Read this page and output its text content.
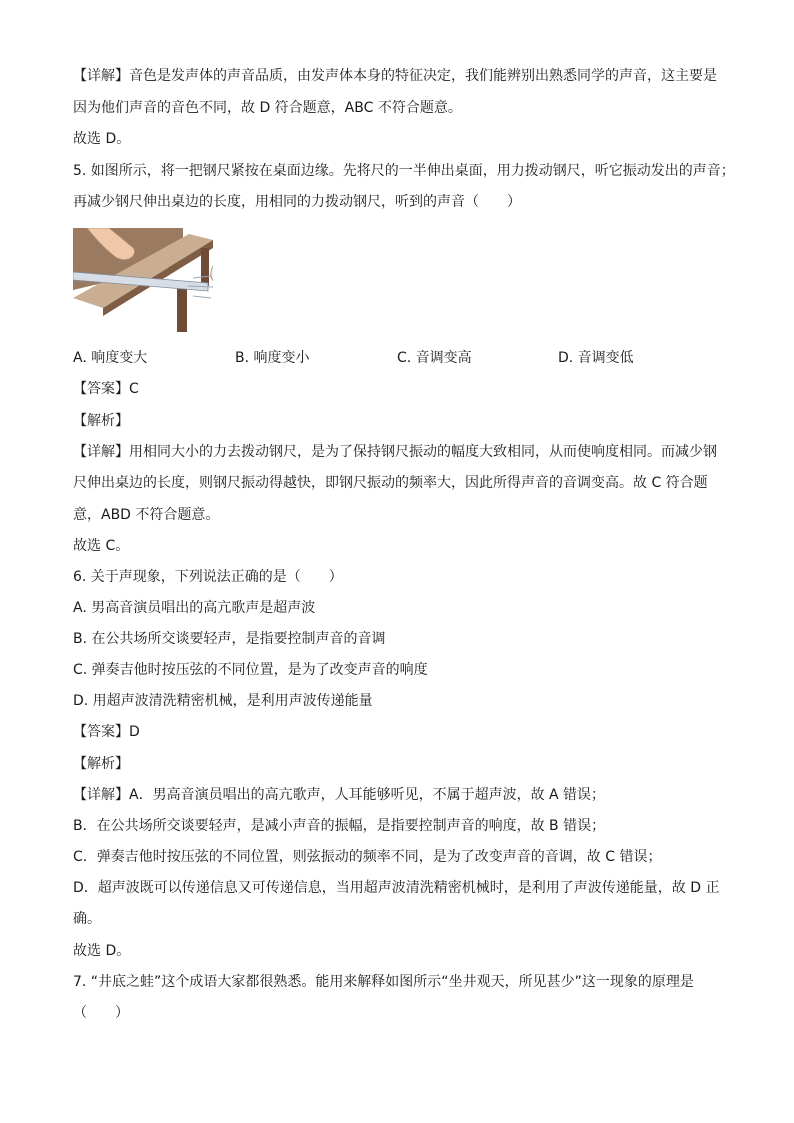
【详解】音色是发声体的声音品质，由发声体本身的特征决定，我们能辨别出熟悉同学的声音，这主要是
因为他们声音的音色不同，故 D 符合题意，ABC 不符合题意。
故选 D。
5. 如图所示，将一把钢尺紧按在桌面边缘。先将尺的一半伸出桌面，用力拨动钢尺，听它振动发出的声音；
再减少钢尺伸出桌边的长度，用相同的力拨动钢尺，听到的声音（　　）
A. 响度变大	B. 响度变小	C. 音调变高	D. 音调变低
【答案】C
【解析】
【详解】用相同大小的力去拨动钢尺，是为了保持钢尺振动的幅度大致相同，从而使响度相同。而减少钢
尺伸出桌边的长度，则钢尺振动得越快，即钢尺振动的频率大，因此所得声音的音调变高。故 C 符合题
意，ABD 不符合题意。
故选 C。
6. 关于声现象，下列说法正确的是（　　）
A. 男高音演员唱出的高亢歌声是超声波
B. 在公共场所交谈要轻声，是指要控制声音的音调
C. 弹奏吉他时按压弦的不同位置，是为了改变声音的响度
D. 用超声波清洗精密机械，是利用声波传递能量
【答案】D
【解析】
【详解】A．男高音演员唱出的高亢歌声，人耳能够听见，不属于超声波，故 A 错误；
B．在公共场所交谈要轻声，是减小声音的振幅，是指要控制声音的响度，故 B 错误；
C．弹奏吉他时按压弦的不同位置，则弦振动的频率不同，是为了改变声音的音调，故 C 错误；
D．超声波既可以传递信息又可传递信息，当用超声波清洗精密机械时，是利用了声波传递能量，故 D 正
确。
故选 D。
7. “井底之蛙”这个成语大家都很熟悉。能用来解释如图所示“坐井观天，所见甚少”这一现象的原理是
（　　）
